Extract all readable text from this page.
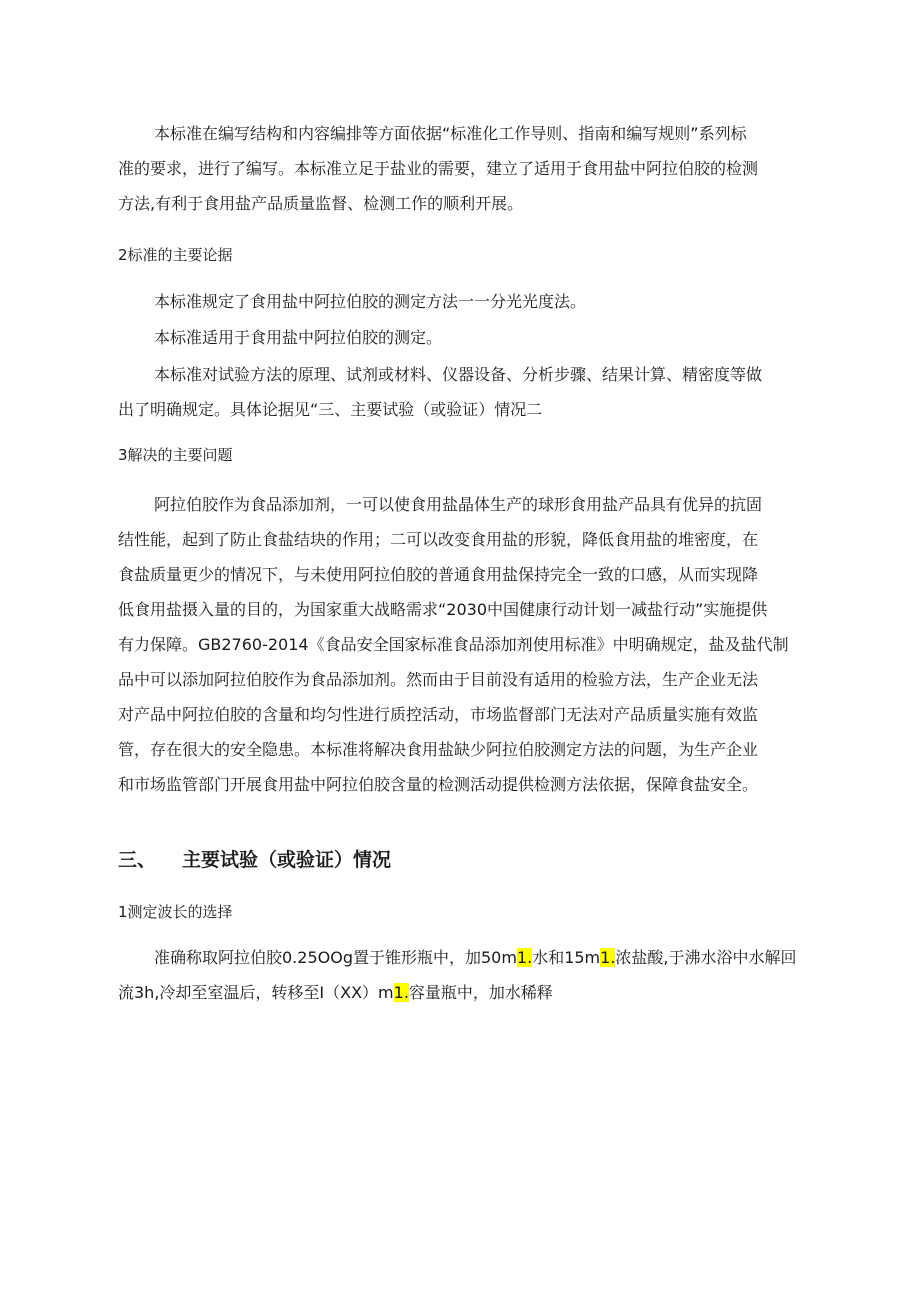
本标准在编写结构和内容编排等方面依据“标准化工作导则、指南和编写规则”系列标
准的要求，进行了编写。本标准立足于盐业的需要，建立了适用于食用盐中阿拉伯胶的检测
方法,有利于食用盐产品质量监督、检测工作的顺利开展。

2标准的主要论据

本标准规定了食用盐中阿拉伯胶的测定方法一一分光光度法。

本标准适用于食用盐中阿拉伯胶的测定。

本标准对试验方法的原理、试剂或材料、仪器设备、分析步骤、结果计算、精密度等做
出了明确规定。具体论据见“三、主要试验（或验证）情况二

3解决的主要问题

阿拉伯胶作为食品添加剂，一可以使食用盐晶体生产的球形食用盐产品具有优异的抗固
结性能，起到了防止食盐结块的作用；二可以改变食用盐的形貌，降低食用盐的堆密度，在
食盐质量更少的情况下，与未使用阿拉伯胶的普通食用盐保持完全一致的口感，从而实现降
低食用盐摄入量的目的，为国家重大战略需求“2030中国健康行动计划一减盐行动”实施提供
有力保障。GB2760-2014《食品安全国家标准食品添加剂使用标准》中明确规定，盐及盐代制
品中可以添加阿拉伯胶作为食品添加剂。然而由于目前没有适用的检验方法，生产企业无法
对产品中阿拉伯胶的含量和均匀性进行质控活动，市场监督部门无法对产品质量实施有效监
管，存在很大的安全隐患。本标准将解决食用盐缺少阿拉伯胶测定方法的问题，为生产企业
和市场监管部门开展食用盐中阿拉伯胶含量的检测活动提供检测方法依据，保障食盐安全。

三、 主要试验（或验证）情况

1测定波长的选择

准确称取阿拉伯胶0.25OOg置于锥形瓶中，加50m1.水和15m1.浓盐酸,于沸水浴中水解回
流3h,冷却至室温后，转移至I（XX）m1.容量瓶中，加水稀释
